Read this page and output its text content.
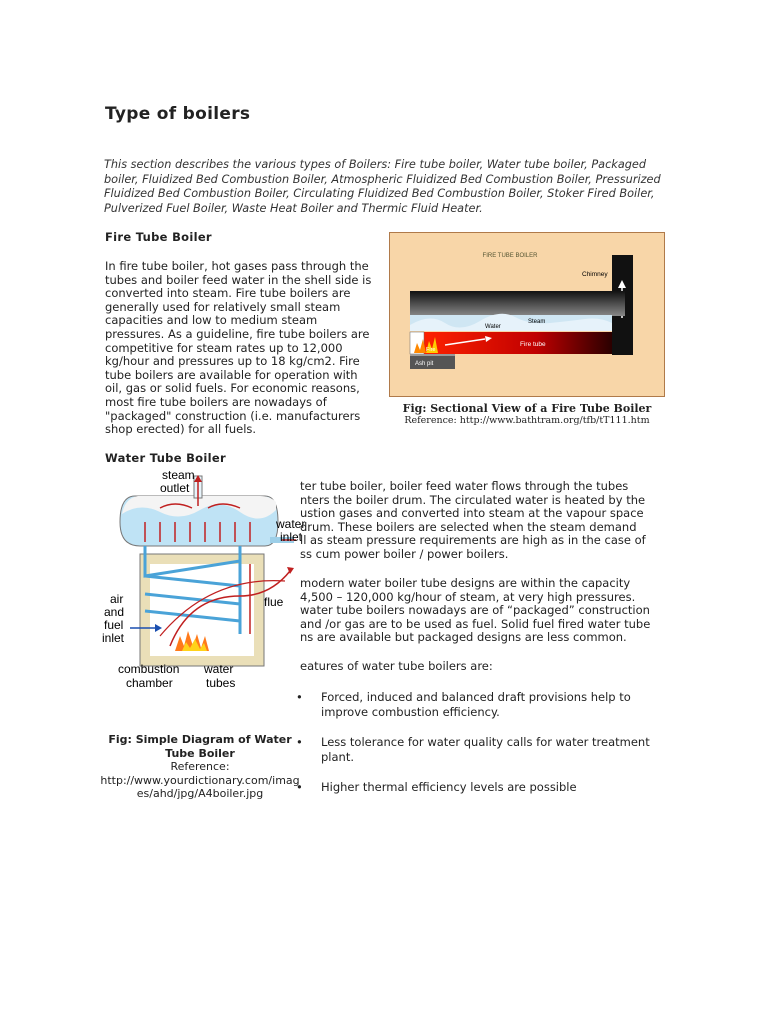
Type of boilers
This section describes the various types of Boilers: Fire tube boiler, Water tube boiler, Packaged boiler, Fluidized Bed Combustion Boiler, Atmospheric Fluidized Bed Combustion Boiler, Pressurized Fluidized Bed Combustion Boiler, Circulating Fluidized Bed Combustion Boiler, Stoker Fired Boiler, Pulverized Fuel Boiler, Waste Heat Boiler and Thermic Fluid Heater.
Fire Tube Boiler
In fire tube boiler, hot gases pass through the tubes and boiler feed water in the shell side is converted into steam. Fire tube boilers are generally used for relatively small steam capacities and low to medium steam pressures. As a guideline, fire tube boilers are competitive for steam rates up to 12,000 kg/hour and pressures up to 18 kg/cm2. Fire tube boilers are available for operation with oil, gas or solid fuels. For economic reasons, most fire tube boilers are nowadays of "packaged" construction (i.e. manufacturers shop erected) for all fuels.
FIRE TUBE BOILER
Chimney
Water
Steam
Fire tube
Fire
Ash pit
Fig: Sectional View of a Fire Tube Boiler
Reference: http://www.bathtram.org/tfb/tT111.htm
Water Tube Boiler
steam
outlet
water
inlet
air
and
fuel
inlet
flue
combustion
chamber
water
tubes
ter tube boiler, boiler feed water flows through the tubes
nters the boiler drum. The circulated water is heated by the
ustion gases and converted into steam at the vapour space
drum. These boilers are selected when the steam demand
ll as steam pressure requirements are high as in the case of
ss cum power boiler / power boilers.
modern water boiler tube designs are within the capacity
4,500 – 120,000 kg/hour of steam, at very high pressures.
water tube boilers nowadays are of “packaged” construction
and /or gas are to be used as fuel. Solid fuel fired water tube
ns are available but packaged designs are less common.
eatures of water tube boilers are:
• Forced, induced and balanced draft provisions help to improve combustion efficiency.
• Less tolerance for water quality calls for water treatment plant.
• Higher thermal efficiency levels are possible
Fig: Simple Diagram of Water Tube Boiler
Reference:
http://www.yourdictionary.com/images/ahd/jpg/A4boiler.jpg
